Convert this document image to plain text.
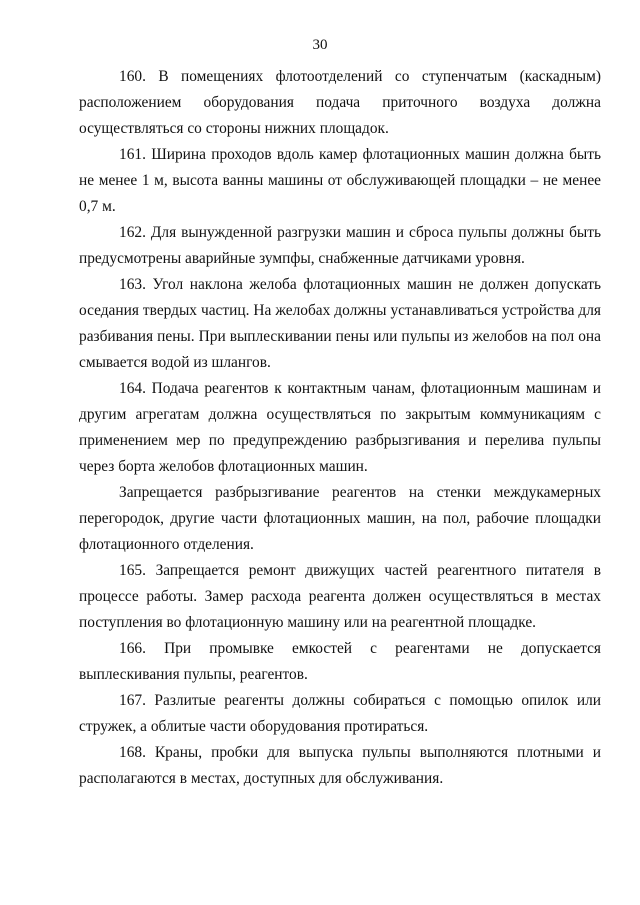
30

160. В помещениях флотоотделений со ступенчатым (каскадным) расположением оборудования подача приточного воздуха должна осуществляться со стороны нижних площадок.

161. Ширина проходов вдоль камер флотационных машин должна быть не менее 1 м, высота ванны машины от обслуживающей площадки – не менее 0,7 м.

162. Для вынужденной разгрузки машин и сброса пульпы должны быть предусмотрены аварийные зумпфы, снабженные датчиками уровня.

163. Угол наклона желоба флотационных машин не должен допускать оседания твердых частиц. На желобах должны устанавливаться устройства для разбивания пены. При выплескивании пены или пульпы из желобов на пол она смывается водой из шлангов.

164. Подача реагентов к контактным чанам, флотационным машинам и другим агрегатам должна осуществляться по закрытым коммуникациям с применением мер по предупреждению разбрызгивания и перелива пульпы через борта желобов флотационных машин.

Запрещается разбрызгивание реагентов на стенки междукамерных перегородок, другие части флотационных машин, на пол, рабочие площадки флотационного отделения.

165. Запрещается ремонт движущих частей реагентного питателя в процессе работы. Замер расхода реагента должен осуществляться в местах поступления во флотационную машину или на реагентной площадке.

166. При промывке емкостей с реагентами не допускается выплескивания пульпы, реагентов.

167. Разлитые реагенты должны собираться с помощью опилок или стружек, а облитые части оборудования протираться.

168. Краны, пробки для выпуска пульпы выполняются плотными и располагаются в местах, доступных для обслуживания.
